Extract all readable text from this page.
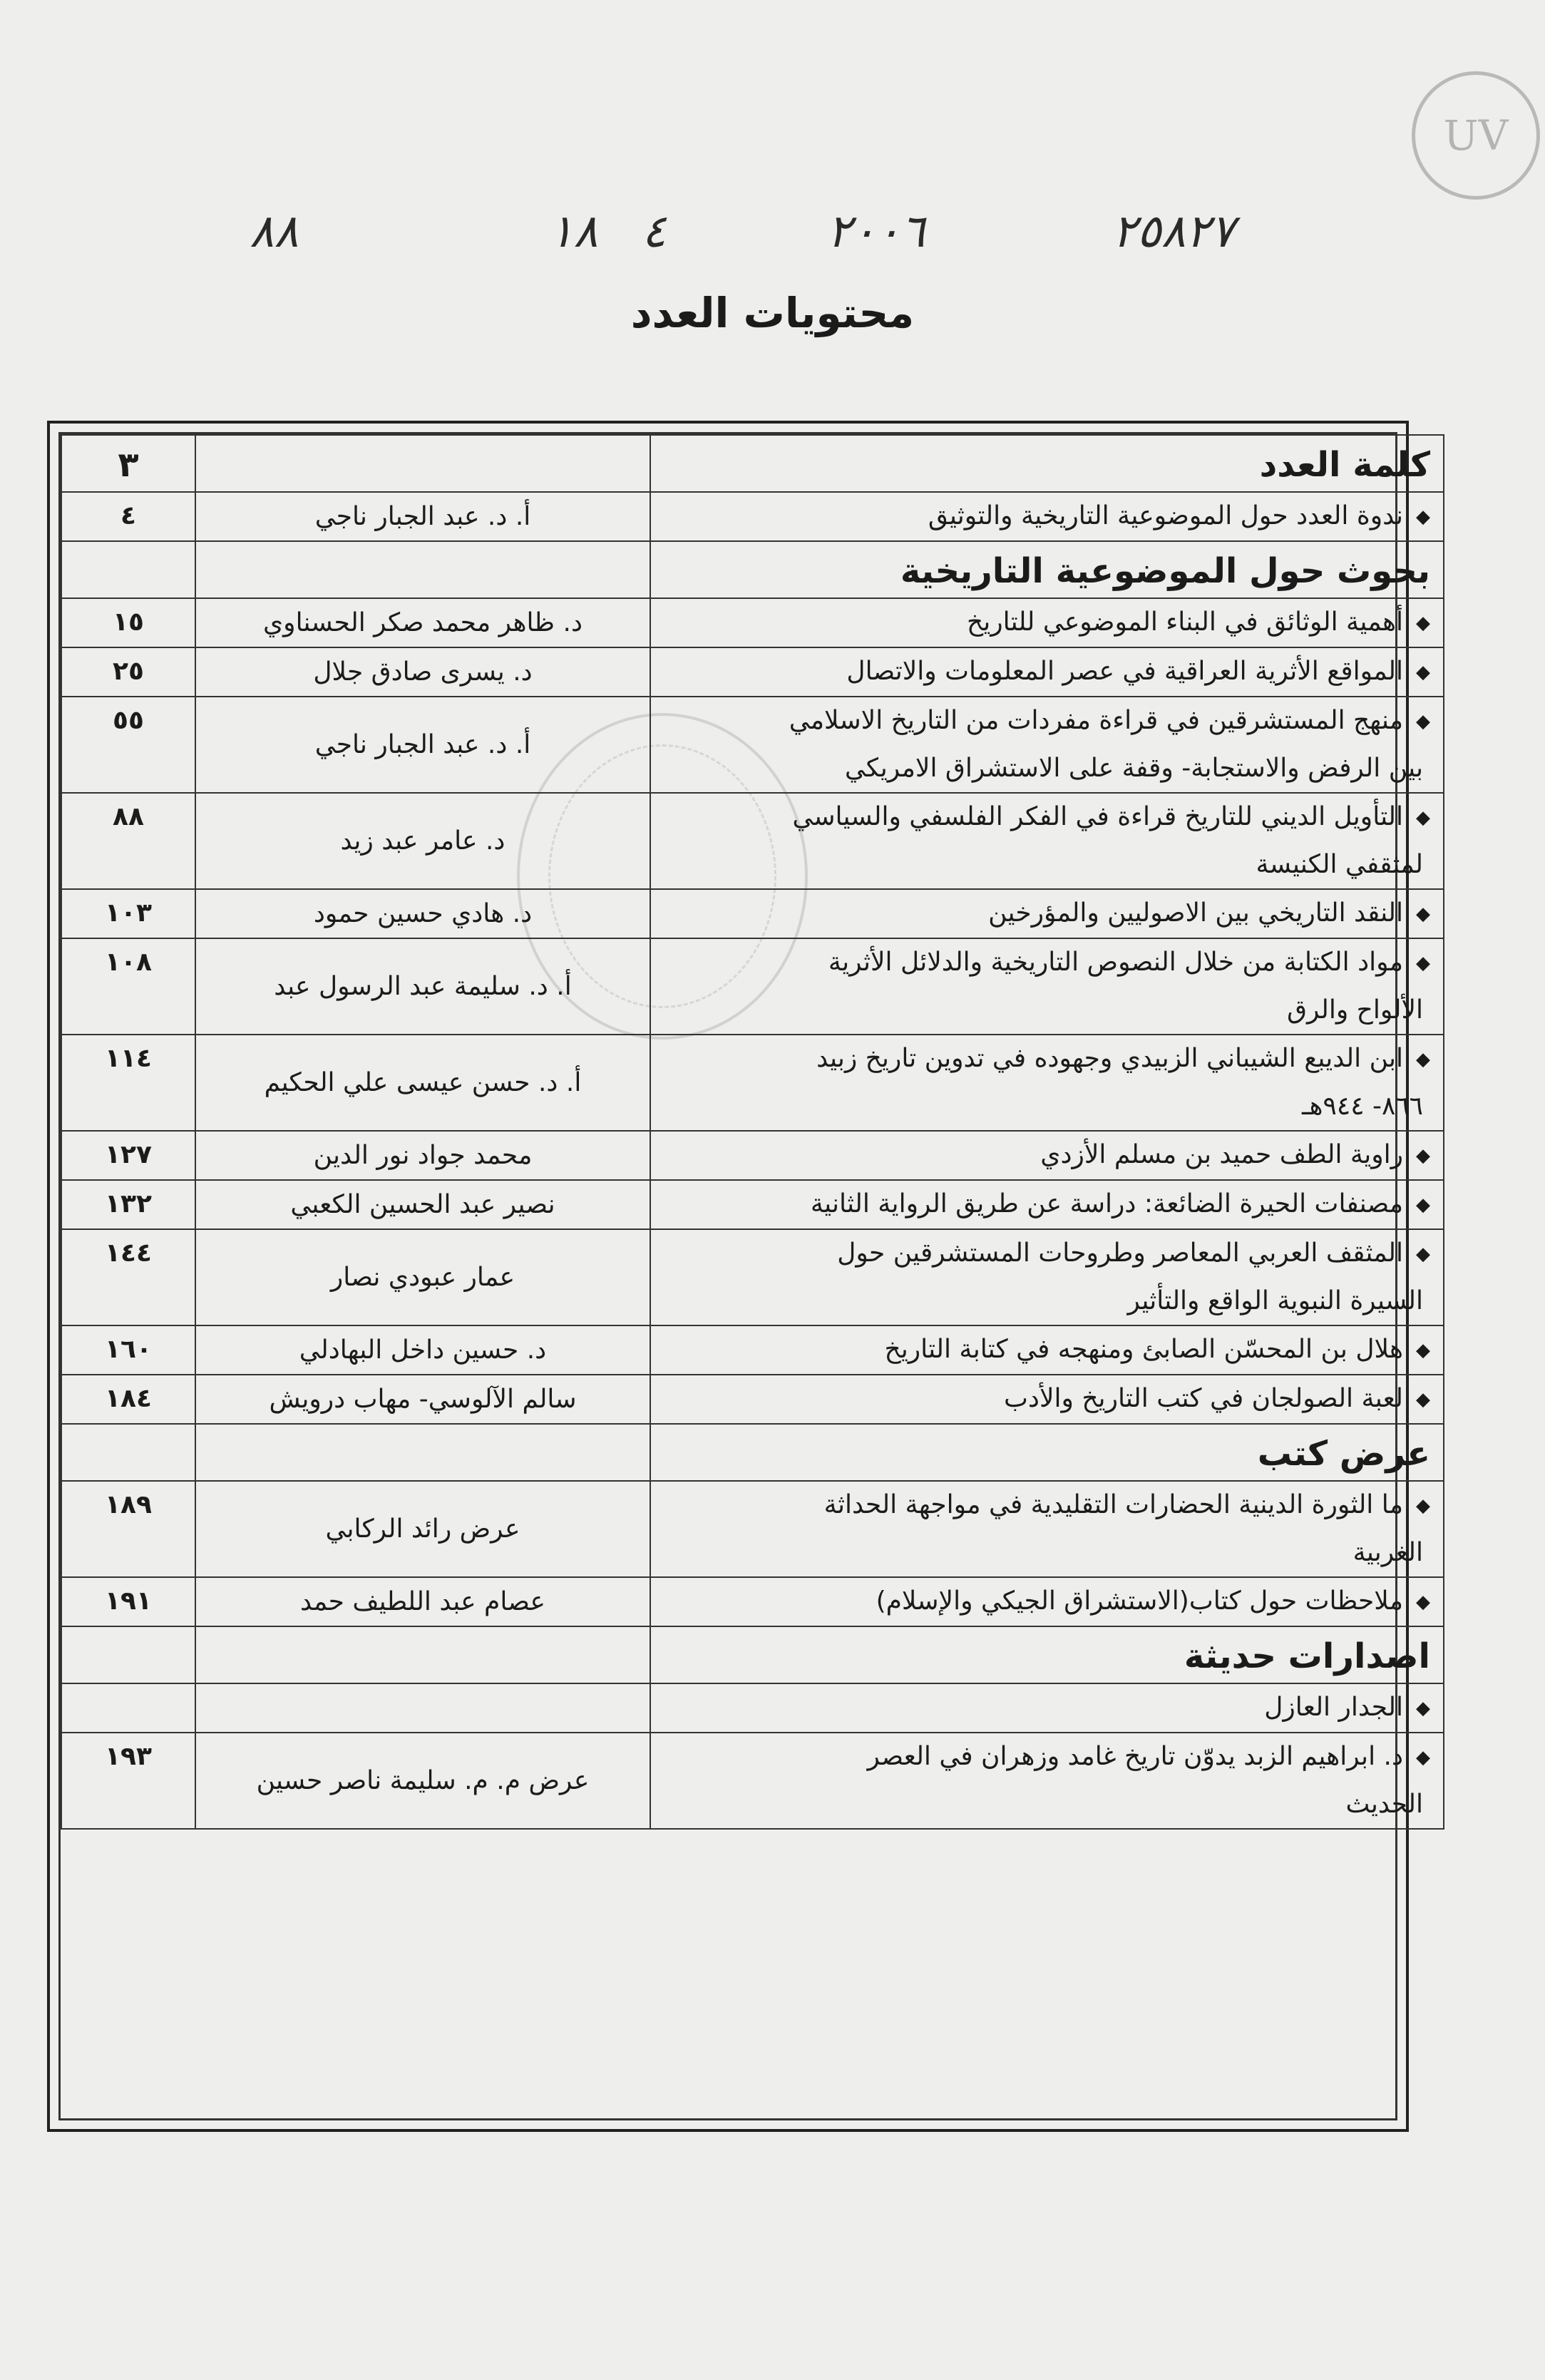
٨٨	١٨ ٤	٢٠٠٦	٢٥٨٢٧
UV
محتويات العدد
كلمة العدد		٣

◆ندوة العدد حول الموضوعية التاريخية والتوثيق	أ. د. عبد الجبار ناجي	٤
بحوث حول الموضوعية التاريخية		

◆أهمية الوثائق في البناء الموضوعي للتاريخ	د. ظاهر محمد صكر الحسناوي	١٥

◆المواقع الأثرية العراقية في عصر المعلومات والاتصال	د. يسرى صادق جلال	٢٥

◆منهج المستشرقين في قراءة مفردات من التاريخ الاسلامي
بين الرفض والاستجابة- وقفة على الاستشراق الامريكي	أ. د. عبد الجبار ناجي	٥٥

◆التأويل الديني للتاريخ قراءة في الفكر الفلسفي والسياسي
لمثقفي الكنيسة	د. عامر عبد زيد	٨٨

◆النقد التاريخي بين الاصوليين والمؤرخين	د. هادي حسين حمود	١٠٣

◆مواد الكتابة من خلال النصوص التاريخية والدلائل الأثرية
الألواح والرق	أ. د. سليمة عبد الرسول عبد	١٠٨

◆ابن الديبع الشيباني الزبيدي وجهوده في تدوين تاريخ زبيد
٨٦٦- ٩٤٤هـ	أ. د. حسن عيسى علي الحكيم	١١٤

◆راوية الطف حميد بن مسلم الأزدي	محمد جواد نور الدين	١٢٧

◆مصنفات الحيرة الضائعة: دراسة عن طريق الرواية الثانية	نصير عبد الحسين الكعبي	١٣٢

◆المثقف العربي المعاصر وطروحات المستشرقين حول
السيرة النبوية الواقع والتأثير	عمار عبودي نصار	١٤٤

◆هلال بن المحسّن الصابئ ومنهجه في كتابة التاريخ	د. حسين داخل البهادلي	١٦٠

◆لعبة الصولجان في كتب التاريخ والأدب	سالم الآلوسي- مهاب درويش	١٨٤
عرض كتب		

◆ما الثورة الدينية الحضارات التقليدية في مواجهة الحداثة
الغربية	عرض رائد الركابي	١٨٩

◆ملاحظات حول كتاب(الاستشراق الجيكي والإسلام)	عصام عبد اللطيف حمد	١٩١
اصدارات حديثة		

◆الجدار العازل		

◆د. ابراهيم الزبد يدوّن تاريخ غامد وزهران في العصر
الحديث	عرض م. م. سليمة ناصر حسين	١٩٣
